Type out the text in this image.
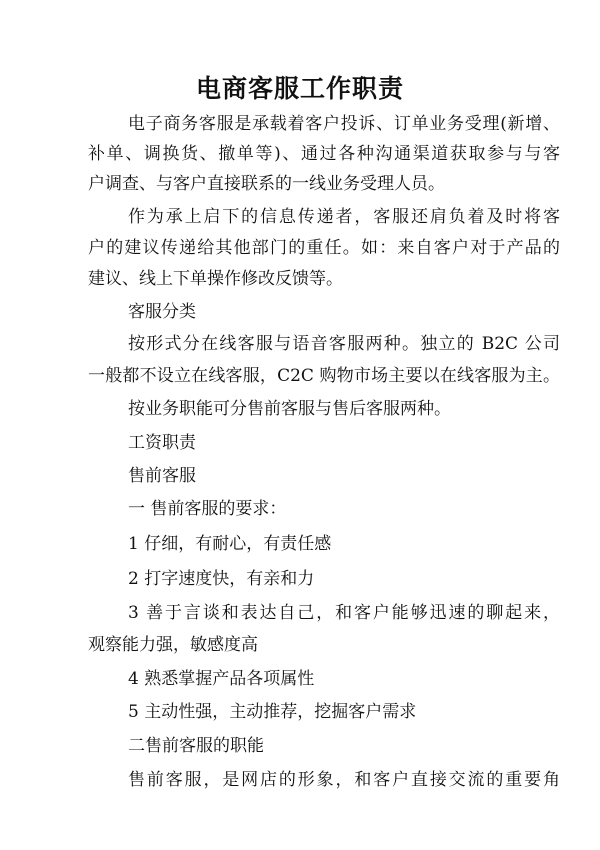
电商客服工作职责
电子商务客服是承载着客户投诉、订单业务受理(新增、
补单、调换货、撤单等)、通过各种沟通渠道获取参与与客
户调查、与客户直接联系的一线业务受理人员。
作为承上启下的信息传递者，客服还肩负着及时将客
户的建议传递给其他部门的重任。如：来自客户对于产品的
建议、线上下单操作修改反馈等。
客服分类
按形式分在线客服与语音客服两种。独立的 B2C 公司
一般都不设立在线客服，C2C 购物市场主要以在线客服为主。
按业务职能可分售前客服与售后客服两种。
工资职责
售前客服
一 售前客服的要求：
1 仔细，有耐心，有责任感
2 打字速度快，有亲和力
3 善于言谈和表达自己，和客户能够迅速的聊起来，
观察能力强，敏感度高
4 熟悉掌握产品各项属性
5 主动性强，主动推荐，挖掘客户需求
二售前客服的职能
售前客服，是网店的形象，和客户直接交流的重要角
